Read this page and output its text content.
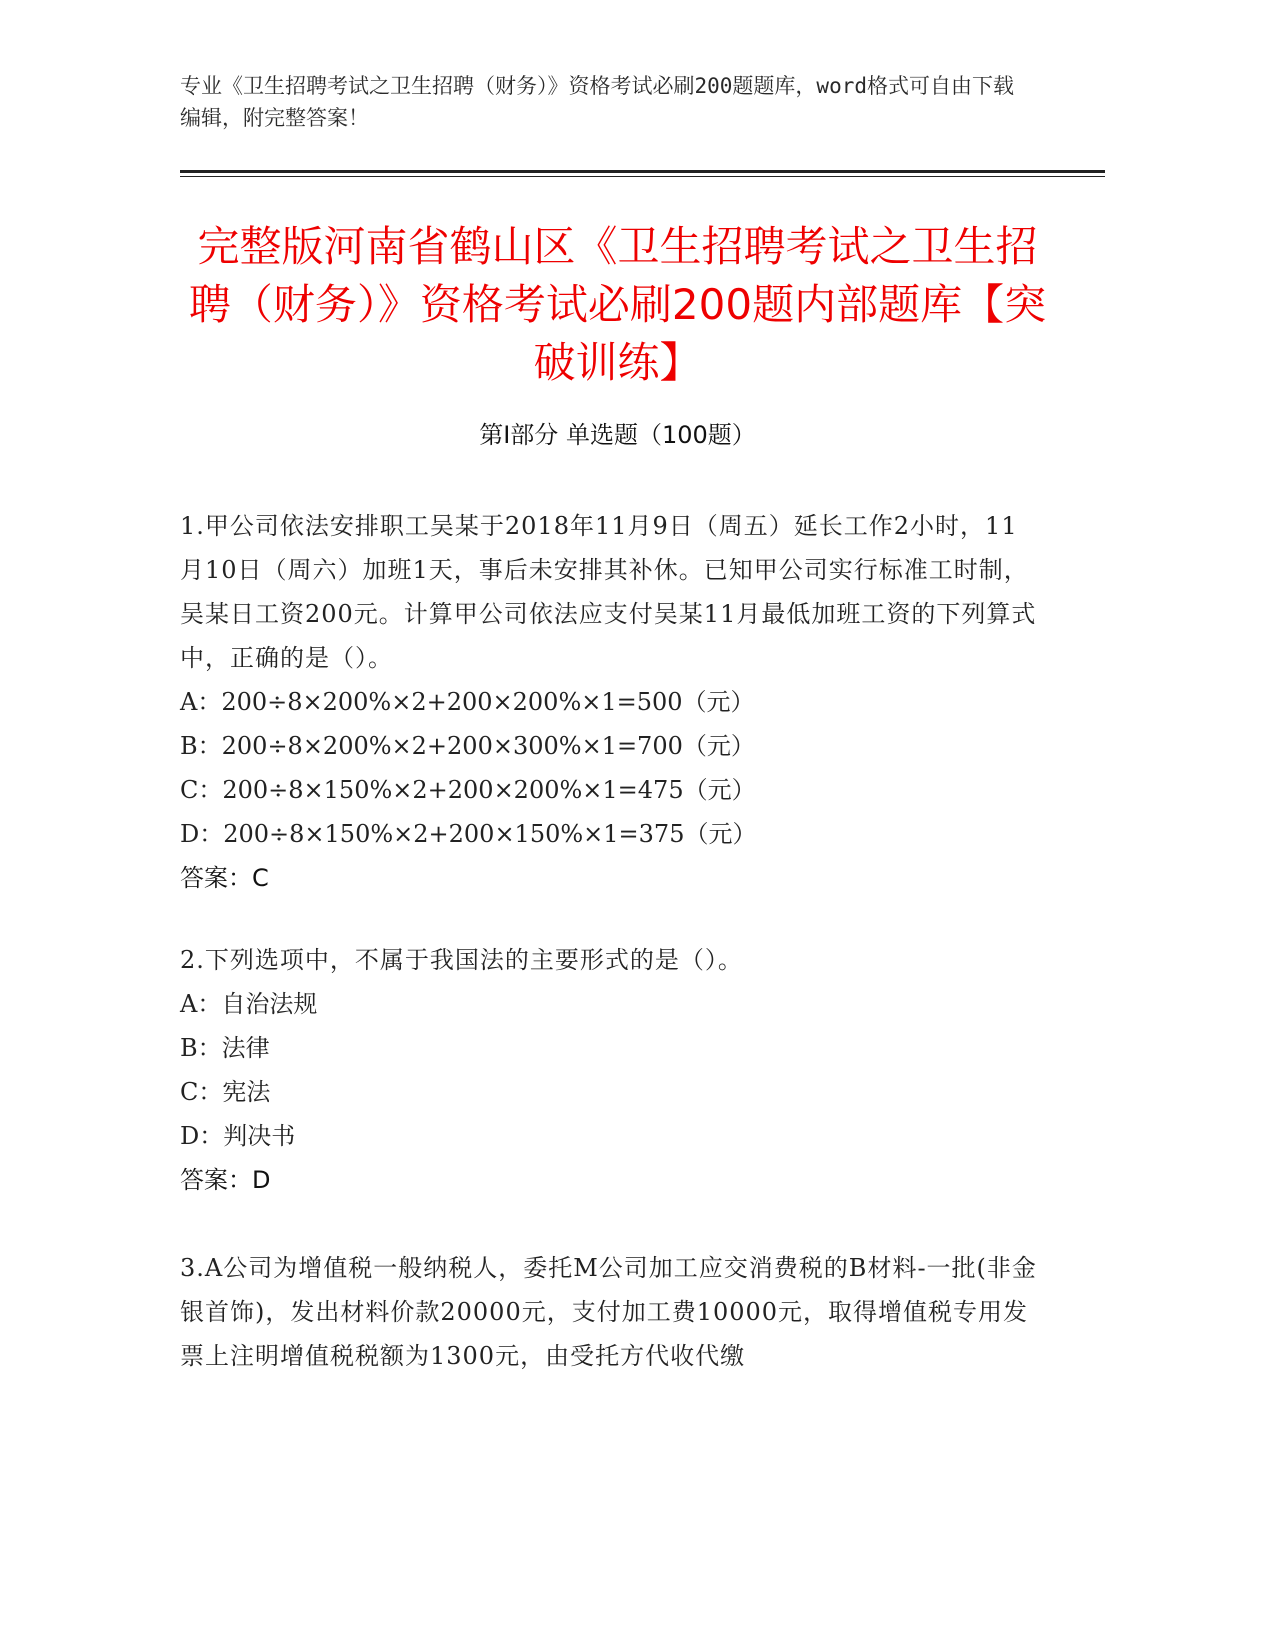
专业《卫生招聘考试之卫生招聘（财务）》资格考试必刷200题题库，word格式可自由下载编辑，附完整答案！
完整版河南省鹤山区《卫生招聘考试之卫生招聘（财务）》资格考试必刷200题内部题库【突破训练】
第Ⅰ部分 单选题（100题）
1.甲公司依法安排职工吴某于2018年11月9日（周五）延长工作2小时，11月10日（周六）加班1天，事后未安排其补休。已知甲公司实行标准工时制，吴某日工资200元。计算甲公司依法应支付吴某11月最低加班工资的下列算式中，正确的是（）。
A：200÷8×200%×2+200×200%×1=500（元）
B：200÷8×200%×2+200×300%×1=700（元）
C：200÷8×150%×2+200×200%×1=475（元）
D：200÷8×150%×2+200×150%×1=375（元）
答案：C
2.下列选项中，不属于我国法的主要形式的是（）。
A：自治法规
B：法律
C：宪法
D：判决书
答案：D
3.A公司为增值税一般纳税人，委托M公司加工应交消费税的B材料-一批(非金银首饰)，发出材料价款20000元，支付加工费10000元，取得增值税专用发票上注明增值税税额为1300元，由受托方代收代缴
